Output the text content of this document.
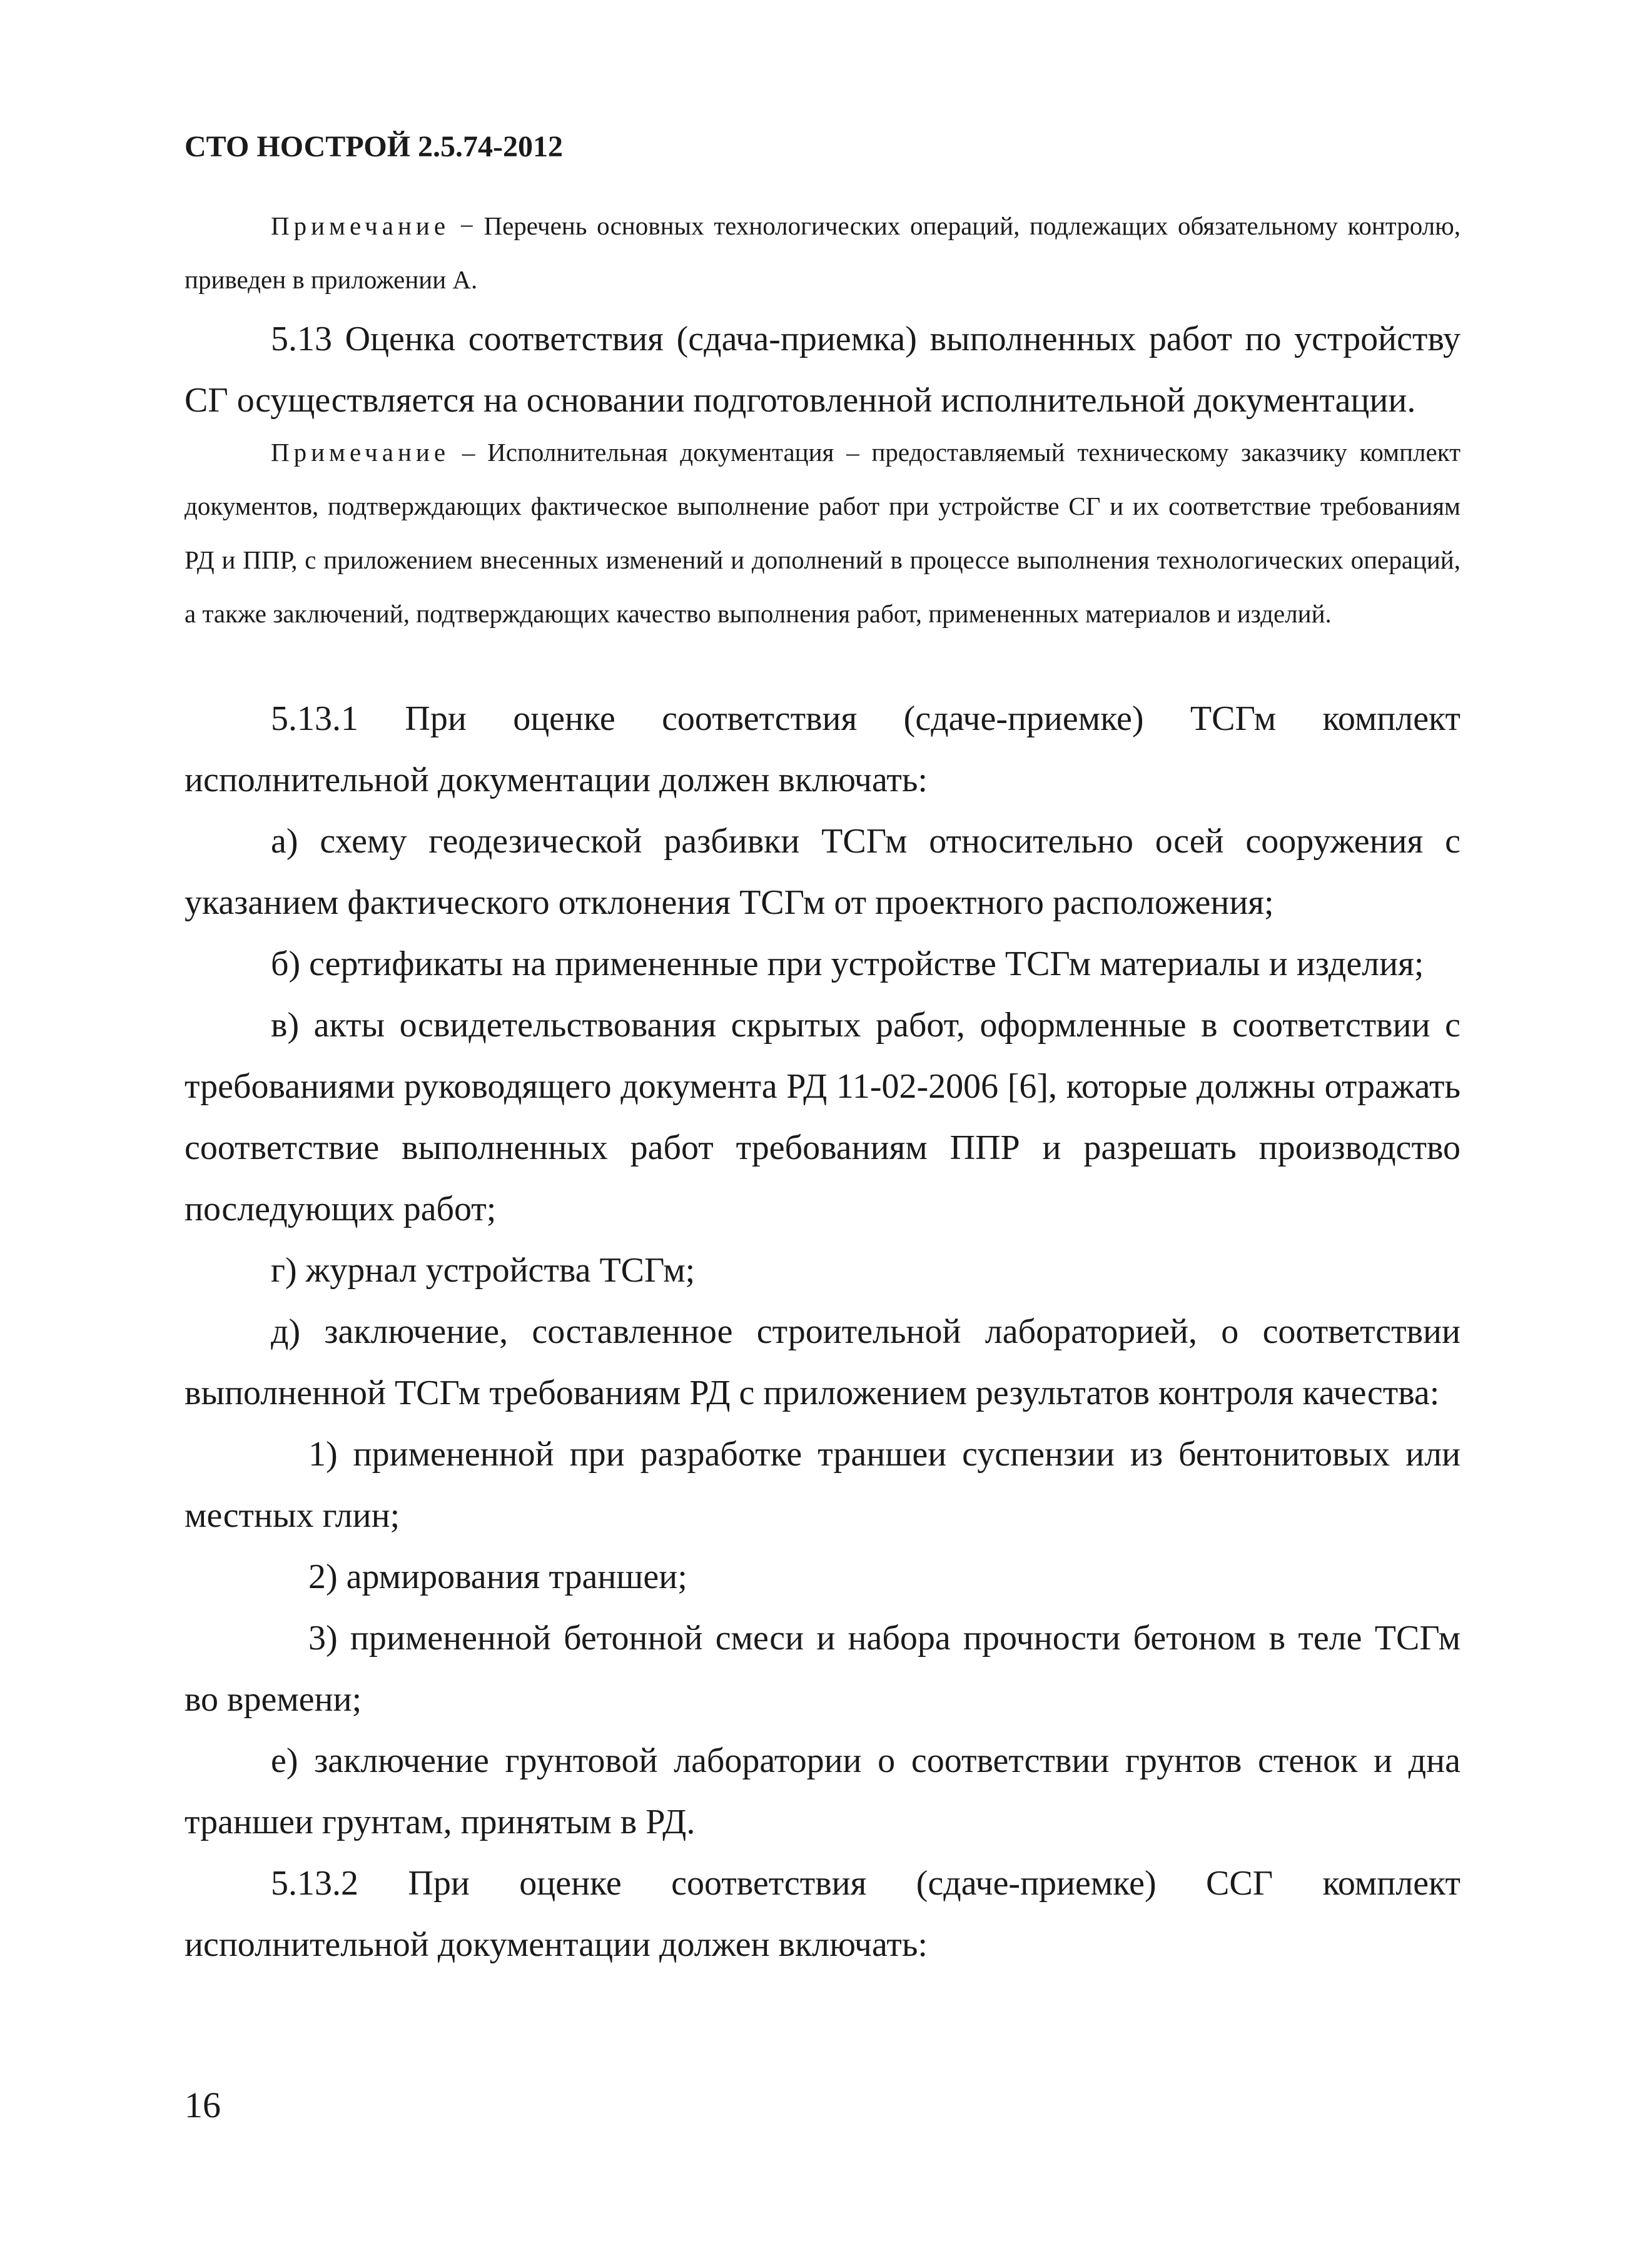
СТО НОСТРОЙ 2.5.74-2012

Примечание − Перечень основных технологических операций, подлежащих обязательному контролю, приведен в приложении А.

5.13 Оценка соответствия (сдача-приемка) выполненных работ по устройству СГ осуществляется на основании подготовленной исполнительной документации.

Примечание – Исполнительная документация – предоставляемый техническому заказчику комплект документов, подтверждающих фактическое выполнение работ при устройстве СГ и их соответствие требованиям РД и ППР, с приложением внесенных изменений и дополнений в процессе выполнения технологических операций, а также заключений, подтверждающих качество выполнения работ, примененных материалов и изделий.

5.13.1 При оценке соответствия (сдаче-приемке) ТСГм комплект исполнительной документации должен включать:

а) схему геодезической разбивки ТСГм относительно осей сооружения с указанием фактического отклонения ТСГм от проектного расположения;

б) сертификаты на примененные при устройстве ТСГм материалы и изделия;

в) акты освидетельствования скрытых работ, оформленные в соответствии с требованиями руководящего документа РД 11-02-2006 [6], которые должны отражать соответствие выполненных работ требованиям ППР и разрешать производство последующих работ;

г) журнал устройства ТСГм;

д) заключение, составленное строительной лабораторией, о соответствии выполненной ТСГм требованиям РД с приложением результатов контроля качества:

1) примененной при разработке траншеи суспензии из бентонитовых или местных глин;

2) армирования траншеи;

3) примененной бетонной смеси и набора прочности бетоном в теле ТСГм во времени;

е) заключение грунтовой лаборатории о соответствии грунтов стенок и дна траншеи грунтам, принятым в РД.

5.13.2 При оценке соответствия (сдаче-приемке) ССГ комплект исполнительной документации должен включать:

16
